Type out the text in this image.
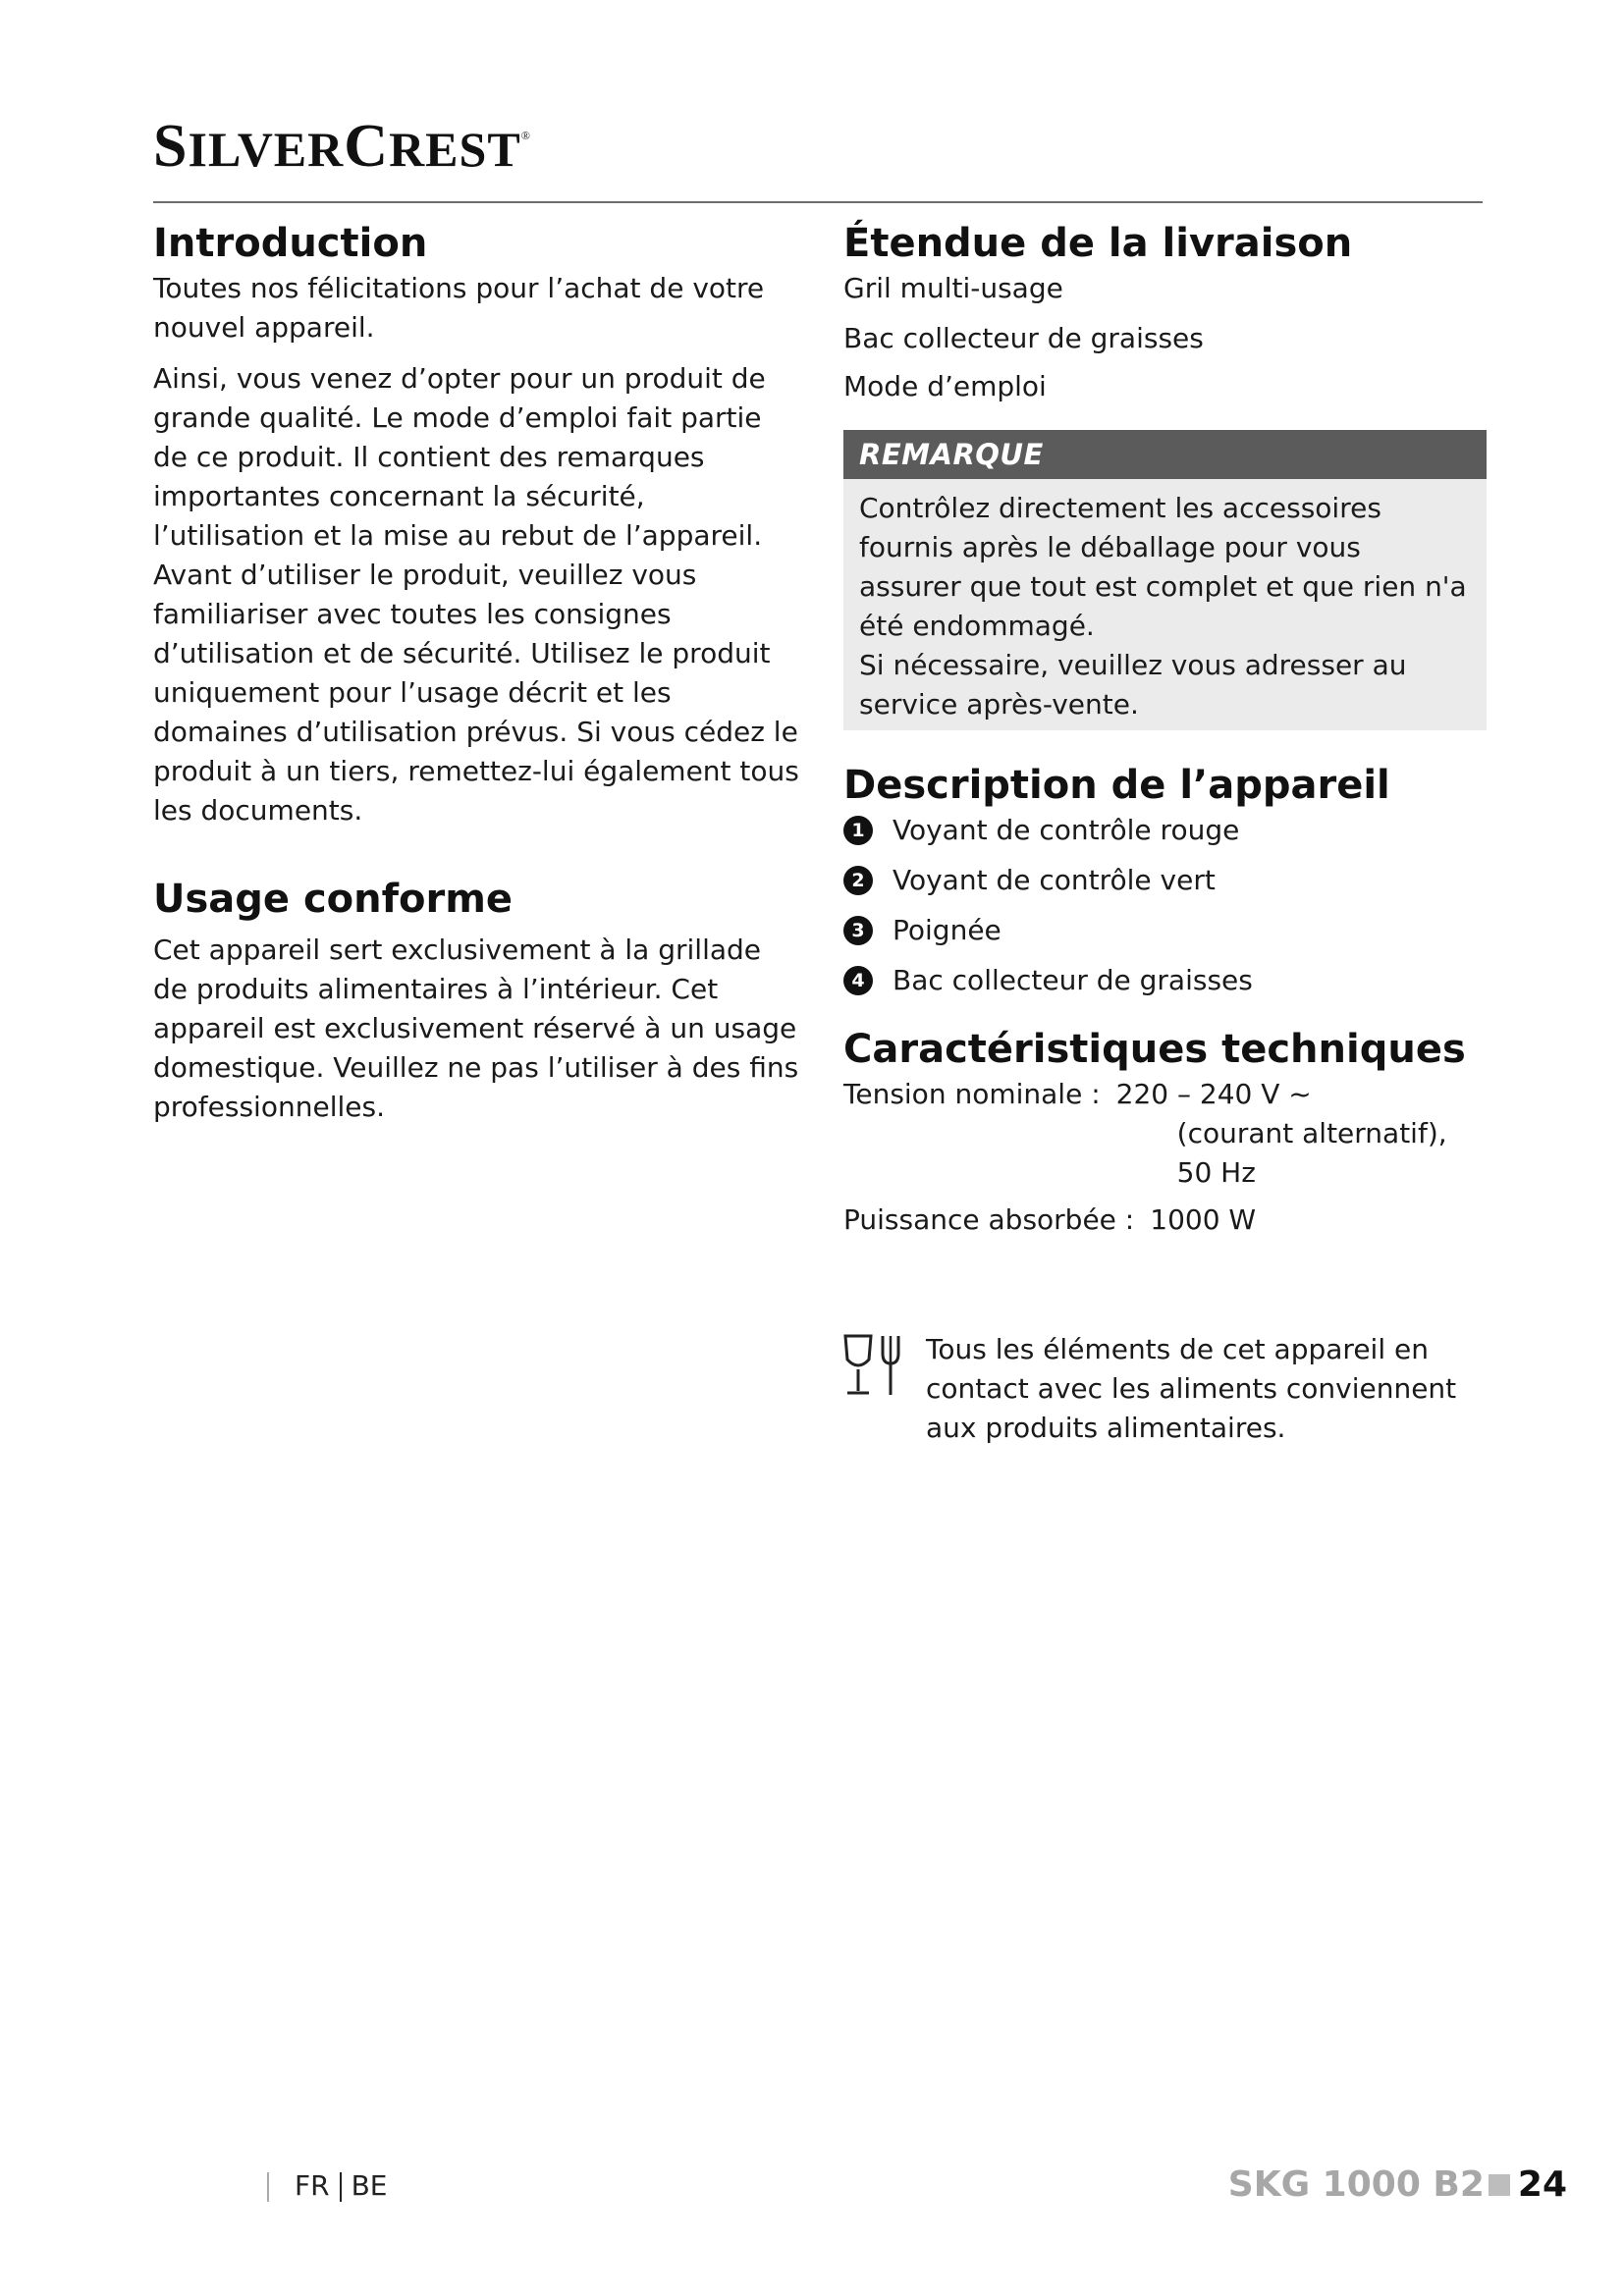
SILVERCREST®
Introduction

Toutes nos félicitations pour l’achat de votre nouvel appareil.

Ainsi, vous venez d’opter pour un produit de grande qualité. Le mode d’emploi fait partie de ce produit. Il contient des remarques importantes concernant la sécurité, l’utilisation et la mise au rebut de l’appareil. Avant d’utiliser le produit, veuillez vous familiariser avec toutes les consignes d’utilisation et de sécurité. Utilisez le produit uniquement pour l’usage décrit et les domaines d’utilisation prévus. Si vous cédez le produit à un tiers, remettez-lui également tous les documents.

Usage conforme

Cet appareil sert exclusivement à la grillade de produits alimentaires à l’intérieur. Cet appareil est exclusivement réservé à un usage domestique. Veuillez ne pas l’utiliser à des fins professionnelles.

Étendue de la livraison

Gril multi-usage

Bac collecteur de graisses

Mode d’emploi

REMARQUE

Contrôlez directement les accessoires fournis après le déballage pour vous assurer que tout est complet et que rien n'a été endommagé.

Si nécessaire, veuillez vous adresser au service après-vente.

Description de l’appareil
1 Voyant de contrôle rouge
2 Voyant de contrôle vert
3 Poignée
4 Bac collecteur de graisses
Caractéristiques techniques
Tension nominale : 220 – 240 V ~
(courant alternatif),
50 Hz
Puissance absorbée : 1000 W

Tous les éléments de cet appareil en contact avec les aliments conviennent aux produits alimentaires.

FR BE	SKG 1000 B2 24
